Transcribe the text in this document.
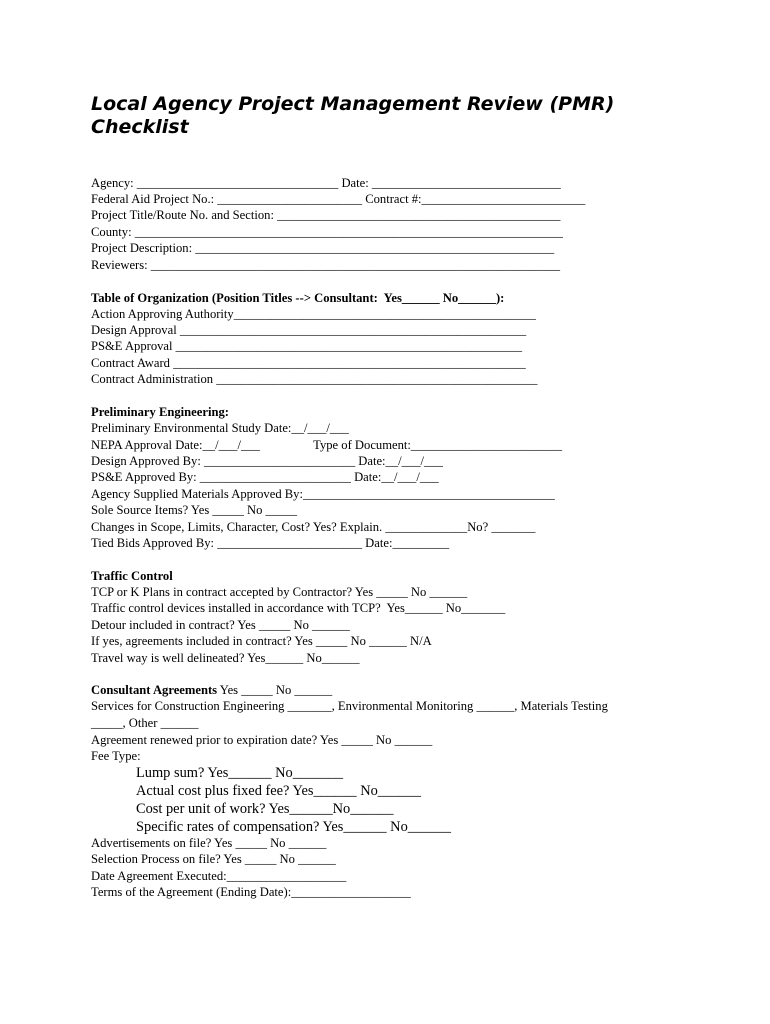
Local Agency Project Management Review (PMR) Checklist
Agency: ________________________________ Date: ______________________________
Federal Aid Project No.: _______________________ Contract #:__________________________
Project Title/Route No. and Section: _____________________________________________
County: ____________________________________________________________________
Project Description: _________________________________________________________
Reviewers: _________________________________________________________________
Table of Organization (Position Titles --> Consultant:  Yes______ No______):
Action Approving Authority________________________________________________
Design Approval _______________________________________________________
PS&E Approval _______________________________________________________
Contract Award ________________________________________________________
Contract Administration ___________________________________________________
Preliminary Engineering:
Preliminary Environmental Study Date:__/___/___
NEPA Approval Date:__/___/___                 Type of Document:________________________
Design Approved By: ________________________ Date:__/___/___
PS&E Approved By: ________________________ Date:__/___/___
Agency Supplied Materials Approved By:________________________________________
Sole Source Items? Yes _____ No _____
Changes in Scope, Limits, Character, Cost? Yes? Explain. _____________No? _______
Tied Bids Approved By: _______________________ Date:_________
Traffic Control
TCP or K Plans in contract accepted by Contractor? Yes _____ No ______
Traffic control devices installed in accordance with TCP?  Yes______ No_______
Detour included in contract? Yes _____ No ______
If yes, agreements included in contract? Yes _____ No ______ N/A
Travel way is well delineated? Yes______ No______
Consultant Agreements Yes _____ No ______
Services for Construction Engineering _______, Environmental Monitoring ______, Materials Testing
_____, Other ______
Agreement renewed prior to expiration date? Yes _____ No ______
Fee Type:
Lump sum? Yes______ No_______
Actual cost plus fixed fee? Yes______ No______
Cost per unit of work? Yes______No______
Specific rates of compensation? Yes______ No______
Advertisements on file? Yes _____ No ______
Selection Process on file? Yes _____ No ______
Date Agreement Executed:___________________
Terms of the Agreement (Ending Date):___________________
